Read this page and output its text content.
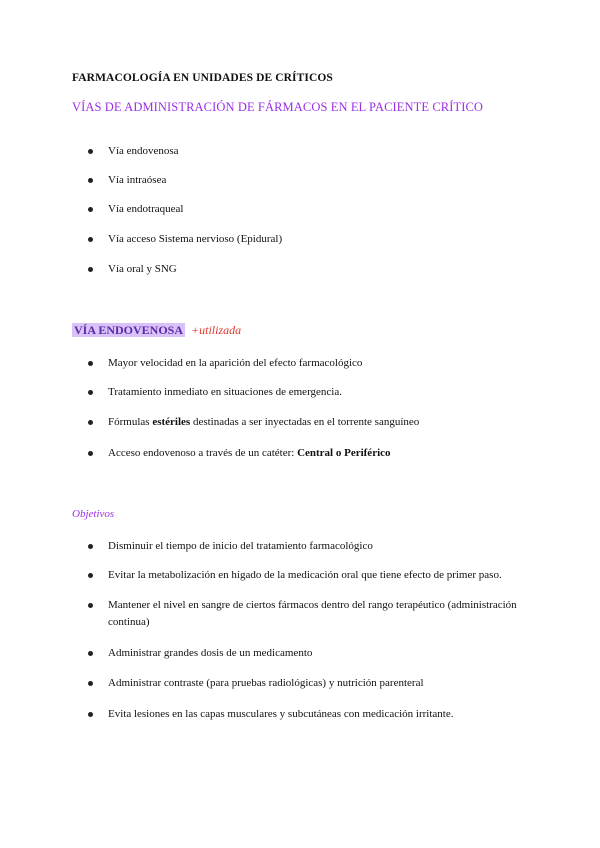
FARMACOLOGÍA EN UNIDADES DE CRÍTICOS
VÍAS DE ADMINISTRACIÓN DE FÁRMACOS EN EL PACIENTE CRÍTICO
Vía endovenosa
Vía intraósea
Vía endotraqueal
Vía acceso Sistema nervioso (Epidural)
Vía oral y SNG
VÍA ENDOVENOSA +utilizada
Mayor velocidad en la aparición del efecto farmacológico
Tratamiento inmediato en situaciones de emergencia.
Fórmulas estériles destinadas a ser inyectadas en el torrente sanguíneo
Acceso endovenoso a través de un catéter: Central o Periférico
Objetivos
Disminuir el tiempo de inicio del tratamiento farmacológico
Evitar la metabolización en hígado de la medicación oral que tiene efecto de primer paso.
Mantener el nivel en sangre de ciertos fármacos dentro del rango terapéutico (administración continua)
Administrar grandes dosis de un medicamento
Administrar contraste (para pruebas radiológicas) y nutrición parenteral
Evita lesiones en las capas musculares y subcutáneas con medicación irritante.
